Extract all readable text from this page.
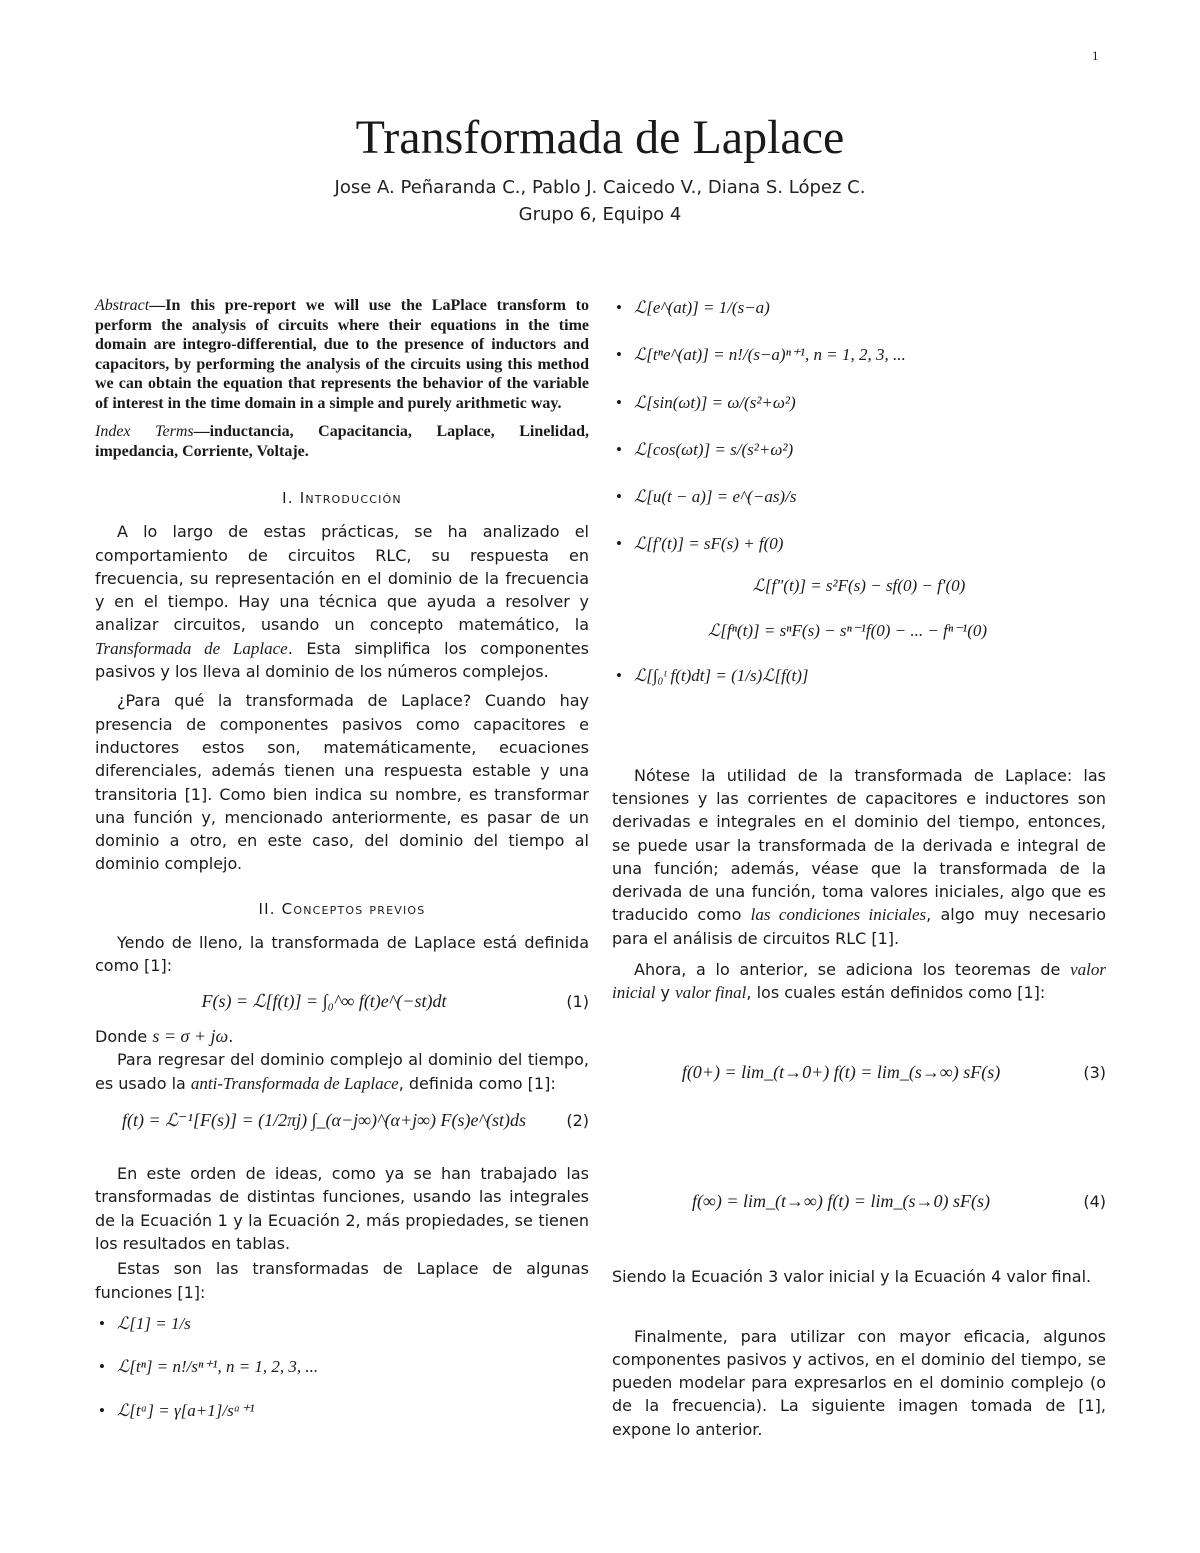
1
Transformada de Laplace
Jose A. Peñaranda C., Pablo J. Caicedo V., Diana S. López C.
Grupo 6, Equipo 4

Abstract—In this pre-report we will use the LaPlace transform to perform the analysis of circuits where their equations in the time domain are integro-differential, due to the presence of inductors and capacitors, by performing the analysis of the circuits using this method we can obtain the equation that represents the behavior of the variable of interest in the time domain in a simple and purely arithmetic way.

Index Terms—inductancia, Capacitancia, Laplace, Linelidad, impedancia, Corriente, Voltaje.

I. Introducción

A lo largo de estas prácticas, se ha analizado el comportamiento de circuitos RLC, su respuesta en frecuencia, su representación en el dominio de la frecuencia y en el tiempo. Hay una técnica que ayuda a resolver y analizar circuitos, usando un concepto matemático, la Transformada de Laplace. Esta simplifica los componentes pasivos y los lleva al dominio de los números complejos.

¿Para qué la transformada de Laplace? Cuando hay presencia de componentes pasivos como capacitores e inductores estos son, matemáticamente, ecuaciones diferenciales, además tienen una respuesta estable y una transitoria [1]. Como bien indica su nombre, es transformar una función y, mencionado anteriormente, es pasar de un dominio a otro, en este caso, del dominio del tiempo al dominio complejo.

II. Conceptos previos

Yendo de lleno, la transformada de Laplace está definida como [1]:

F(s) = ℒ[f(t)] = ∫₀^∞ f(t)e^(−st)dt	(1)

Donde s = σ + jω.

Para regresar del dominio complejo al dominio del tiempo, es usado la anti-Transformada de Laplace, definida como [1]:

f(t) = ℒ⁻¹[F(s)] = (1/2πj) ∫_(α−j∞)^(α+j∞) F(s)e^(st)ds	(2)

En este orden de ideas, como ya se han trabajado las transformadas de distintas funciones, usando las integrales de la Ecuación 1 y la Ecuación 2, más propiedades, se tienen los resultados en tablas.

Estas son las transformadas de Laplace de algunas funciones [1]:

• ℒ[1] = 1/s
• ℒ[tⁿ] = n!/sⁿ⁺¹, n = 1, 2, 3, ...
• ℒ[tᵃ] = γ[a+1]/sᵃ⁺¹
• ℒ[e^(at)] = 1/(s−a)
• ℒ[tⁿe^(at)] = n!/(s−a)ⁿ⁺¹, n = 1, 2, 3, ...
• ℒ[sin(ωt)] = ω/(s²+ω²)
• ℒ[cos(ωt)] = s/(s²+ω²)
• ℒ[u(t − a)] = e^(−as)/s
• ℒ[f′(t)] = sF(s) + f(0)
ℒ[f″(t)] = s²F(s) − sf(0) − f′(0)
ℒ[fⁿ(t)] = sⁿF(s) − sⁿ⁻¹f(0) − ... − fⁿ⁻¹(0)
• ℒ[∫₀ᵗ f(t)dt] = (1/s)ℒ[f(t)]

Nótese la utilidad de la transformada de Laplace: las tensiones y las corrientes de capacitores e inductores son derivadas e integrales en el dominio del tiempo, entonces, se puede usar la transformada de la derivada e integral de una función; además, véase que la transformada de la derivada de una función, toma valores iniciales, algo que es traducido como las condiciones iniciales, algo muy necesario para el análisis de circuitos RLC [1].

Ahora, a lo anterior, se adiciona los teoremas de valor inicial y valor final, los cuales están definidos como [1]:

f(0+) = lim_(t→0+) f(t) = lim_(s→∞) sF(s)	(3)
f(∞) = lim_(t→∞) f(t) = lim_(s→0) sF(s)	(4)

Siendo la Ecuación 3 valor inicial y la Ecuación 4 valor final.

Finalmente, para utilizar con mayor eficacia, algunos componentes pasivos y activos, en el dominio del tiempo, se pueden modelar para expresarlos en el dominio complejo (o de la frecuencia). La siguiente imagen tomada de [1], expone lo anterior.
